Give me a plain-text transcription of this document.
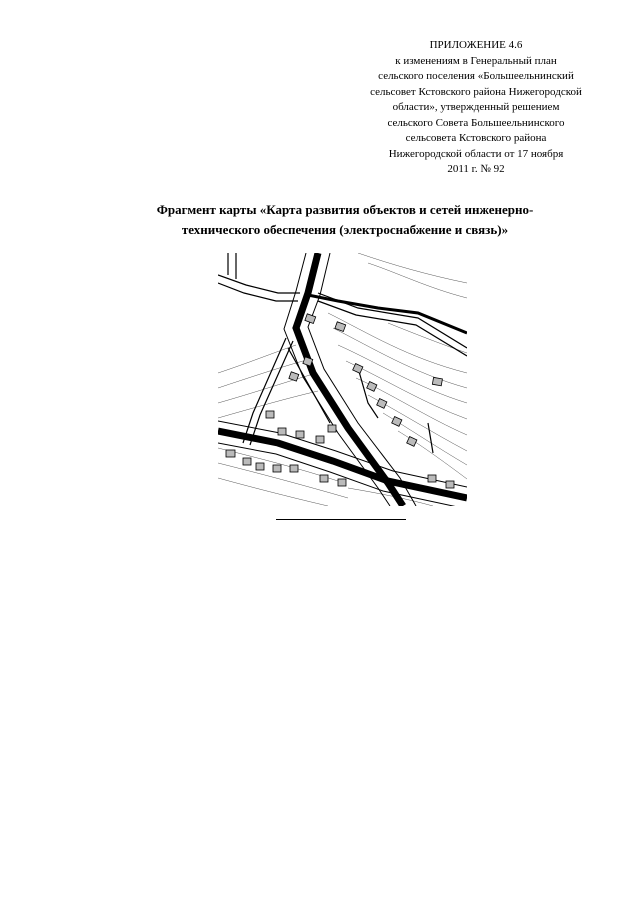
ПРИЛОЖЕНИЕ 4.6
к изменениям в Генеральный план
сельского поселения «Большеельнинский
сельсовет Кстовского района Нижегородской
области», утвержденный решением
сельского Совета Большеельнинского
сельсовета Кстовского района
Нижегородской области от 17 ноября
2011 г. № 92
Фрагмент карты «Карта развития объектов и сетей инженерно-
технического обеспечения (электроснабжение и связь)»
